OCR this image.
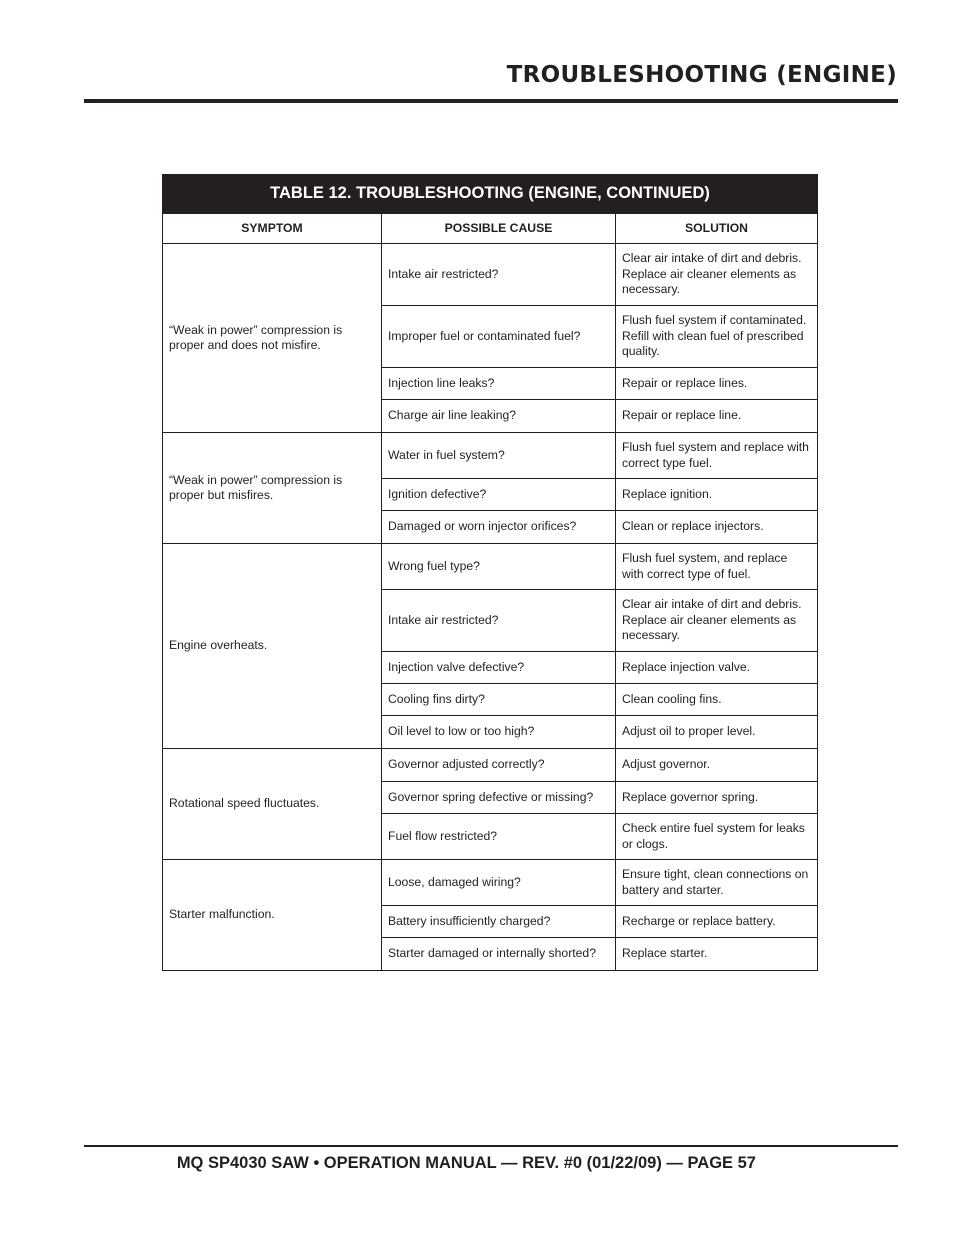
TROUBLESHOOTING (ENGINE)
TABLE 12. TROUBLESHOOTING (ENGINE, CONTINUED)		
SYMPTOM	POSSIBLE CAUSE	SOLUTION
“Weak in power” compression is proper and does not misfire.	Intake air restricted?	Clear air intake of dirt and debris. Replace air cleaner elements as necessary.
	Improper fuel or contaminated fuel?	Flush fuel system if contaminated. Refill with clean fuel of prescribed quality.
	Injection line leaks?	Repair or replace lines.
	Charge air line leaking?	Repair or replace line.
“Weak in power” compression is proper but misfires.	Water in fuel system?	Flush fuel system and replace with correct type fuel.
	Ignition defective?	Replace ignition.
	Damaged or worn injector orifices?	Clean or replace injectors.
Engine overheats.	Wrong fuel type?	Flush fuel system, and replace with correct type of fuel.
	Intake air restricted?	Clear air intake of dirt and debris. Replace air cleaner elements as necessary.
	Injection valve defective?	Replace injection valve.
	Cooling fins dirty?	Clean cooling fins.
	Oil level to low or too high?	Adjust oil to proper level.
Rotational speed fluctuates.	Governor adjusted correctly?	Adjust governor.
	Governor spring defective or missing?	Replace governor spring.
	Fuel flow restricted?	Check entire fuel system for leaks or clogs.
Starter malfunction.	Loose, damaged wiring?	Ensure tight, clean connections on battery and starter.
	Battery insufficiently charged?	Recharge or replace battery.
	Starter damaged or internally shorted?	Replace starter.
MQ SP4030 SAW • OPERATION MANUAL — REV. #0 (01/22/09) — PAGE 57
